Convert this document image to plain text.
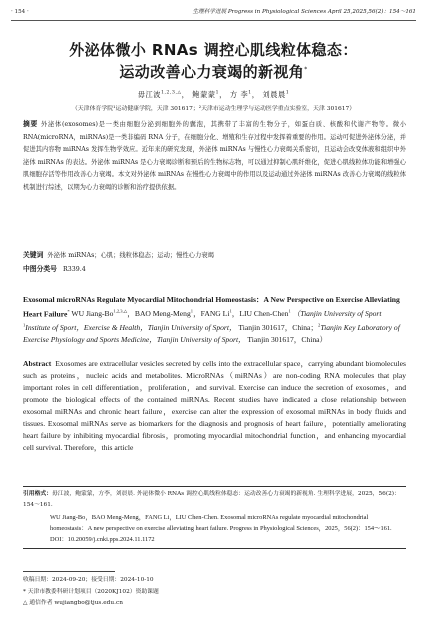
· 154 ·	生理科学进展 Progress in Physiological Sciences April 25,2025,56(2)：154～161
外泌体微小 RNAs 调控心肌线粒体稳态：
运动改善心力衰竭的新视角*
毋江波$^{1,2,3,\triangle}$， 鲍蒙蒙$^1$， 方 李$^1$， 刘晨晨$^1$
（天津体育学院¹运动健康学院，天津 301617；²天津市运动生理学与运动医学重点实验室，天津 301617）
摘要 外泌体(exosomes)是一类由细胞分泌到细胞外的囊泡，其携带了丰富的生物分子，如蛋白质、核酸和代谢产物等。微小 RNA(microRNA，miRNAs)是一类非编码 RNA 分子，在细胞分化、增殖和生存过程中发挥着重要的作用。运动可促进外泌体分泌，并促进其内容物 miRNAs 发挥生物学效应。近年来的研究发现，外泌体 miRNAs 与慢性心力衰竭关系密切，且运动会改变体液和组织中外泌体 miRNAs 的表达。外泌体 miRNAs 是心力衰竭诊断和预后的生物标志物，可以通过抑制心肌纤维化，促进心肌线粒体功能和增强心肌细胞存活等作用改善心力衰竭。本文对外泌体 miRNAs 在慢性心力衰竭中的作用以及运动通过外泌体 miRNAs 改善心力衰竭的线粒体机制进行综述，以期为心力衰竭的诊断和治疗提供依据。
关键词 外泌体 miRNAs；心肌；线粒体稳态；运动；慢性心力衰竭
中图分类号 R339.4
Exosomal microRNAs Regulate Myocardial Mitochondrial Homeostasis：A New Perspective on Exercise Alleviating Heart Failure* WU Jiang-$Bo^{1,2,3,\triangle}$，BAO Meng-Meng$^1$，FANG Li$^1$，LIU Chen-Chen$^1$ （Tianjin University of Sport $^1$Institute of Sport，Exercise & Health，Tianjin University of Sport， Tianjin 301617，China；$^2$Tianjin Key Laboratory of Exercise Physiology and Sports Medicine，Tianjin University of Sport， Tianjin 301617，China）
Abstract Exosomes are extracellular vesicles secreted by cells into the extracellular space，carrying abundant biomolecules such as proteins，nucleic acids and metabolites. MicroRNAs（miRNAs）are non-coding RNA molecules that play important roles in cell differentiation，proliferation，and survival. Exercise can induce the secretion of exosomes，and promote the biological effects of the contained miRNAs. Recent studies have indicated a close relationship between exosomal miRNAs and chronic heart failure，exercise can alter the expression of exosomal miRNAs in body fluids and tissues. Exosomal miRNAs serve as biomarkers for the diagnosis and prognosis of heart failure，potentially ameliorating heart failure by inhibiting myocardial fibrosis，promoting myocardial mitochondrial function，and enhancing myocardial cell survival. Therefore，this article
引用格式：毋江波，鲍蒙蒙，方李，刘晨晨. 外泌体微小 RNAs 调控心肌线粒体稳态：运动改善心力衰竭的新视角. 生理科学进展，2025，56(2)：154～161.
WU Jiang-Bo，BAO Meng-Meng，FANG Li，LIU Chen-Chen. Exosomal microRNAs regulate myocardial mitochondrial homeostasis：A new perspective on exercise alleviating heart failure. Progress in Physiological Sciences，2025，56(2)：154～161. DOI：10.20059/j.cnki.pps.2024.11.1172
收稿日期：2024-09-20；接受日期：2024-10-10
* 天津市教委科研计划项目（2020KJ102）资助课题
△ 通信作者 wujiangbo@tjus.edu.cn
